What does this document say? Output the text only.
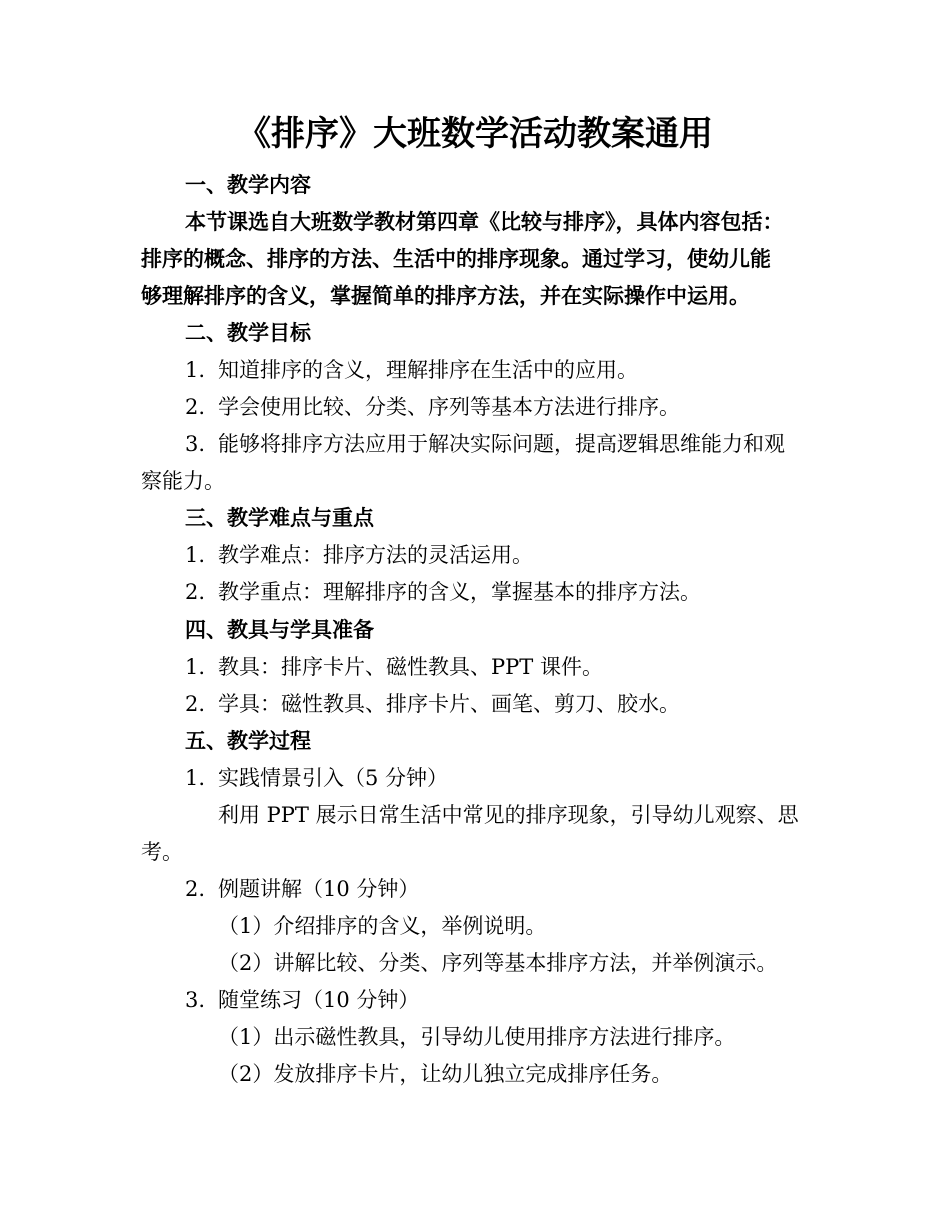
《排序》大班数学活动教案通用
一、教学内容
本节课选自大班数学教材第四章《比较与排序》，具体内容包括：
排序的概念、排序的方法、生活中的排序现象。通过学习，使幼儿能
够理解排序的含义，掌握简单的排序方法，并在实际操作中运用。
二、教学目标
1. 知道排序的含义，理解排序在生活中的应用。
2. 学会使用比较、分类、序列等基本方法进行排序。
3. 能够将排序方法应用于解决实际问题，提高逻辑思维能力和观
察能力。
三、教学难点与重点
1. 教学难点：排序方法的灵活运用。
2. 教学重点：理解排序的含义，掌握基本的排序方法。
四、教具与学具准备
1. 教具：排序卡片、磁性教具、PPT 课件。
2. 学具：磁性教具、排序卡片、画笔、剪刀、胶水。
五、教学过程
1. 实践情景引入（5 分钟）
利用 PPT 展示日常生活中常见的排序现象，引导幼儿观察、思
考。
2. 例题讲解（10 分钟）
（1）介绍排序的含义，举例说明。
（2）讲解比较、分类、序列等基本排序方法，并举例演示。
3. 随堂练习（10 分钟）
（1）出示磁性教具，引导幼儿使用排序方法进行排序。
（2）发放排序卡片，让幼儿独立完成排序任务。
